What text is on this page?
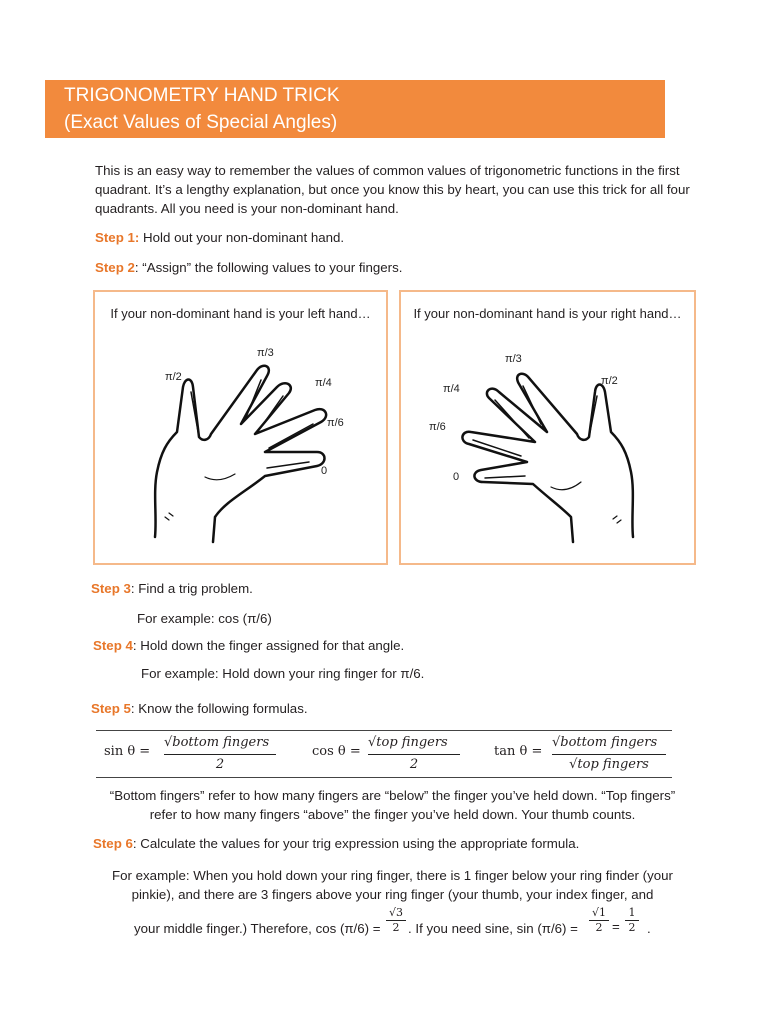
TRIGONOMETRY HAND TRICK
(Exact Values of Special Angles)
This is an easy way to remember the values of common values of trigonometric functions in the first quadrant. It’s a lengthy explanation, but once you know this by heart, you can use this trick for all four quadrants. All you need is your non-dominant hand.
Step 1: Hold out your non-dominant hand.
Step 2: “Assign” the following values to your fingers.
If your non-dominant hand is your left hand…
π/2
π/3
π/4
π/6
0
If your non-dominant hand is your right hand…
π/2
π/3
π/4
π/6
0
Step 3: Find a trig problem.
For example: cos (π/6)
Step 4: Hold down the finger assigned for that angle.
For example: Hold down your ring finger for π/6.
Step 5: Know the following formulas.
sin θ =
√bottom fingers
2
cos θ =
√top fingers
2
tan θ =
√bottom fingers
√top fingers
“Bottom fingers” refer to how many fingers are “below” the finger you’ve held down. “Top fingers” refer to how many fingers “above” the finger you’ve held down. Your thumb counts.
Step 6: Calculate the values for your trig expression using the appropriate formula.
For example: When you hold down your ring finger, there is 1 finger below your ring finder (your pinkie), and there are 3 fingers above your ring finger (your thumb, your index finger, and
your middle finger.) Therefore, cos (π/6) =
√3
2 . If you need sine, sin (π/6) =
√1
2 =
1
2 .
